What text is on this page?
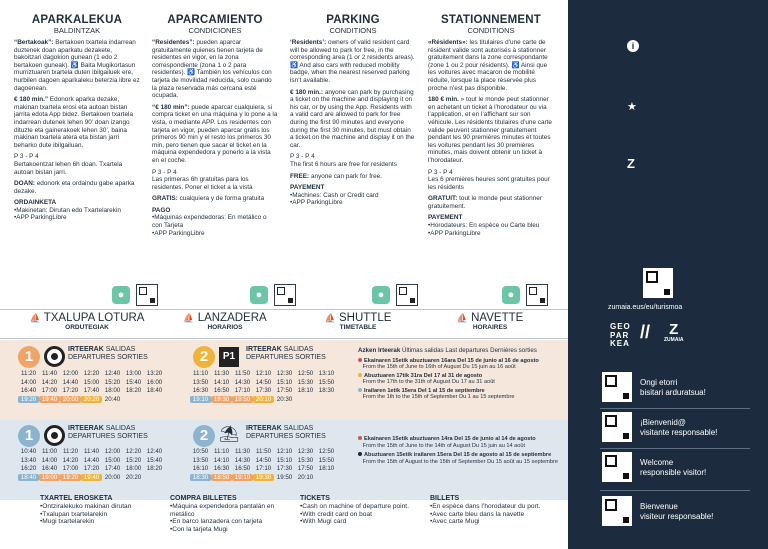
APARKALEKUA
BALDINTZAK

“Bertakoak”: Bertakoen txartela indarrean duztenek doan aparkatu dezakete, bakoitzari dagokion gunean (1 edo 2 bertakoen guneak). ♿ Baita Mugikortasun murriztuaren txartela duten ibilgailuek ere, hurbilen dagoen aparkaleku beterzia libre ez dagoenean.

€ 180 min.” Edonork aparka dezake, makinan txartela erosi eta autoan bistan jarrita edota App bidez. Bertakoen txartela indarrean dutenek lehen 90’ doan izango dituzte eta gainerakoek lehen 30’, baina makinan txartela atera eta bistan jarri beharko dute ibilgailuan.

P 3 - P 4
Bertakoentzat lehen 6h doan. Txartela autoan bistan jarri.

DOAN: edonork eta ordaindu gabe aparka dezake.

ORDAINKETA
•Makinetan: Dirutan edo Txartelarekin
•APP ParkingLibre
APARCAMIENTO
CONDICIONES

“Residentes”: pueden aparcar gratuitamente quienes tienen tarjeta de residentes en vigor, en la zona correspondiente (zona 1 o 2 para residentes). ♿ También los vehículos con tarjeta de movilidad reducida, solo cuando la plaza reservada más cercana esté ocupada.

“€ 180 min”: puede aparcar cualquiera, si compra ticket en una máquina y lo pone a la vista, o mediante APP. Los residentes con tarjeta en vigor, pueden aparcar gratis los primeros 90 min y el resto los primeros 30 min, pero tienen que sacar el ticket en la máquina expendedora y ponerlo a la vista en el coche.

P 3 - P 4
Las primeras 6h gratuitas para los residentes. Poner el ticket a la vista

GRATIS: cualquiera y de forma gratuita

PAGO
•Máquinas expendedoras: En metálico o con Tarjeta
•APP ParkingLibre
PARKING
CONDITIONS

‘Residents’: owners of valid resident card will be allowed to park for free, in the corresponding area (1 or 2 residents areas). ♿ And also cars with reduced mobility badge, when the nearest reserved parking isn’t available.

€ 180 min.: anyone can park by purchasing a ticket on the machine and displaying it on his car, or by using the App. Residents with a valid card are allowed to park for free during the first 90 minutes and everyone during the first 30 minutes, but must obtain a ticket on the machine and display it on the car.

P 3 - P 4
The first 6 hours are free for residents

FREE: anyone can park for free.

PAYEMENT
•Machines: Cash or Credit card
•APP ParkingLibre
STATIONNEMENT
CONDITIONS

«Résidents»: les titulaires d’une carte de résident valide sont autorisés à stationner gratuitement dans la zone correspondante (zone 1 ou 2 pour résidents). ♿ Ainsi que les voitures avec macaron de mobilité réduite, lorsque la place réservée plus proche n’est pas disponible.

180 € min. » tout le monde peut stationner en achetant un ticket à l’horodateur ou via l’application, et en l’affichant sur son véhicule. Les résidents titulaires d’une carte valide peuvent stationner gratuitement pendant les 90 premières minutes et toutes les voitures pendant les 30 premières minutes, mais doivent obtenir un ticket à l’horodateur.

P 3 - P 4
Les 6 premières heures sont gratuites pour les résidents

GRATUIT: tout le monde peut stationner gratuitement.

PAYEMENT
•Horodateurs: En espèce ou Carte bleu
•APP ParkingLibre
●	●	●	●
⛵ TXALUPA LOTURA
ORDUTEGIAK
⛵ LANZADERA
HORARIOS
⛵ SHUTTLE
TIMETABLE
⛵ NAVETTE
HORAIRES
1	IRTEERAK SALIDAS
DEPARTURES SORTIES
11:20 11:40 12:00 12:20 12:40 13:00 13:20
14:00 14:20 14:40 15:00 15:20 15:40 16:00
16:40 17:00 17:20 17:40 18:00 18:20 18:40
19:20 19:40 20:00 20:20 20:40
2	P1
IRTEERAK SALIDAS
DEPARTURES SORTIES
11:10 11:30 11:50 12:10 12:30 12:50 13:10
13:50 14:10 14:30 14:50 15:10 15:30 15:50
16:30 16:50 17:10 17:30 17:50 18:10 18:30
19:10 19:30 19:50 20:10 20:30
Azken Irteerak Últimas salidas Last departures Dernières sorties
Ekainaren 15etik abuztuaren 16ara Del 15 de junio al 16 de agosto
From the 15th of June to 16th of August Du 15 juin au 16 août
Abuztuaren 17tik 31ra Del 17 al 31 de agosto
From the 17th to the 31th of August Du 17 au 31 août
Irailaren 1etik 15era Del 1 al 15 de septiembre
From the 1th to the 15th of September Du 1 au 15 septembre
1	IRTEERAK SALIDAS
DEPARTURES SORTIES
10:40 11:00 11:20 11:40 12:00 12:20 12:40
13:40 14:00 14:20 14:40 15:00 15:20 15:40
16:20 16:40 17:00 17:20 17:40 18:00 18:20
18:40 19:00 19:20 19:40 20:00 20:20
2 ⛱ IRTEERAK SALIDAS
DEPARTURES SORTIES
10:50 11:10 11:30 11:50 12:10 12:30 12:50
13:50 14:10 14:30 14:50 15:10 15:30 15:50
16:10 16:30 16:50 17:10 17:30 17:50 18:10
18:30 18:50 19:10 19:30 19:50 20:10
Ekainaren 15etik abuztuaren 14ra Del 15 de junio al 14 de agosto
From the 15th of June to the 14th of August Du 15 juin au 14 août
Abuztuaren 15etik irailaren 15era Del 15 de agosto al 15 de septiembre
From the 15th of August to the 15th of September Du 15 août au 15 septembre
TXARTEL EROSKETA
•Ontziralekuko makinan dirutan
•Txalupan txartelarekin
•Mugi txartelarekin
COMPRA BILLETES
•Máquina expendedora pantalán en metálico
•En barco lanzadera con tarjeta
•Con la tarjeta Mugi
TICKETS
•Cash on machine of departure point.
•With credit card on boat
•With Mugi card
BILLETS
•En espèce dans l’horodateur du port.
•Avec carte bleu dans la navette
•Avec carte Mugi
i	644 192 369
aparkalekuak
aparcamientos
parking
stationnement
★ 943 143 232
Udaltzaingoa
Policía municipal
Local police
Police municipale
Z 943 143 396
Turismo Bulegoa
Oficina de Turismo
Tourist Office
Office de Tourisme
112 Larrialdiak
Emergencias
Emergency
Urgences
zumaia.eus/eu/turismoa
GEO
PAR
KEA
//	Z
ZUMAIA
Ongi etorri
bisitari arduratsua!
¡Bienvenid@
visitante responsable!
Welcome
responsible visitor!
Bienvenue
visiteur responsable!
